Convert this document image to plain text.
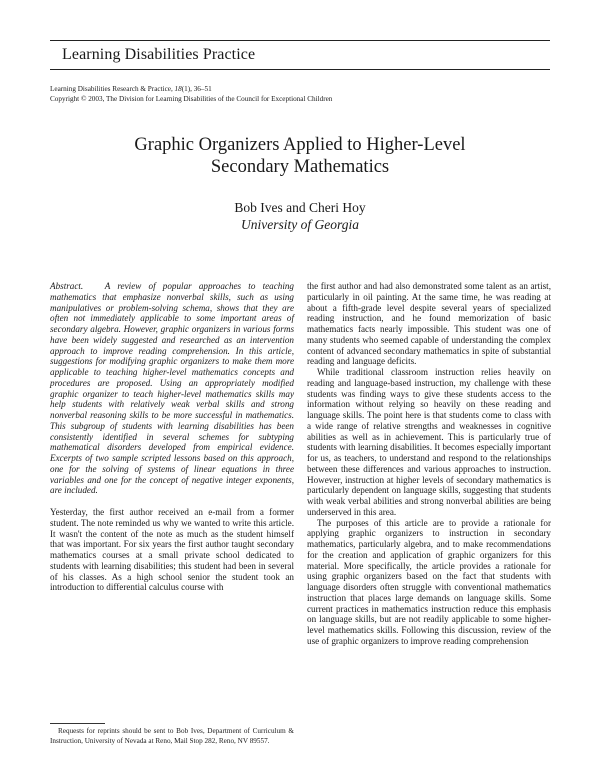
Learning Disabilities Practice
Learning Disabilities Research & Practice, 18(1), 36–51
Copyright © 2003, The Division for Learning Disabilities of the Council for Exceptional Children
Graphic Organizers Applied to Higher-Level
Secondary Mathematics
Bob Ives and Cheri Hoy
University of Georgia

Abstract. A review of popular approaches to teaching mathematics that emphasize nonverbal skills, such as using manipulatives or problem-solving schema, shows that they are often not immediately applicable to some important areas of secondary algebra. However, graphic organizers in various forms have been widely suggested and researched as an intervention approach to improve reading comprehension. In this article, suggestions for modifying graphic organizers to make them more applicable to teaching higher-level mathematics concepts and procedures are proposed. Using an appropriately modified graphic organizer to teach higher-level mathematics skills may help students with relatively weak verbal skills and strong nonverbal reasoning skills to be more successful in mathematics. This subgroup of students with learning disabilities has been consistently identified in several schemes for subtyping mathematical disorders developed from empirical evidence. Excerpts of two sample scripted lessons based on this approach, one for the solving of systems of linear equations in three variables and one for the concept of negative integer exponents, are included.

Yesterday, the first author received an e-mail from a former student. The note reminded us why we wanted to write this article. It wasn't the content of the note as much as the student himself that was important. For six years the first author taught secondary mathematics courses at a small private school dedicated to students with learning disabilities; this student had been in several of his classes. As a high school senior the student took an introduction to differential calculus course with

the first author and had also demonstrated some talent as an artist, particularly in oil painting. At the same time, he was reading at about a fifth-grade level despite several years of specialized reading instruction, and he found memorization of basic mathematics facts nearly impossible. This student was one of many students who seemed capable of understanding the complex content of advanced secondary mathematics in spite of substantial reading and language deficits.

While traditional classroom instruction relies heavily on reading and language-based instruction, my challenge with these students was finding ways to give these students access to the information without relying so heavily on these reading and language skills. The point here is that students come to class with a wide range of relative strengths and weaknesses in cognitive abilities as well as in achievement. This is particularly true of students with learning disabilities. It becomes especially important for us, as teachers, to understand and respond to the relationships between these differences and various approaches to instruction. However, instruction at higher levels of secondary mathematics is particularly dependent on language skills, suggesting that students with weak verbal abilities and strong nonverbal abilities are being underserved in this area.

The purposes of this article are to provide a rationale for applying graphic organizers to instruction in secondary mathematics, particularly algebra, and to make recommendations for the creation and application of graphic organizers for this material. More specifically, the article provides a rationale for using graphic organizers based on the fact that students with language disorders often struggle with conventional mathematics instruction that places large demands on language skills. Some current practices in mathematics instruction reduce this emphasis on language skills, but are not readily applicable to some higher-level mathematics skills. Following this discussion, review of the use of graphic organizers to improve reading comprehension

Requests for reprints should be sent to Bob Ives, Department of Curriculum & Instruction, University of Nevada at Reno, Mail Stop 282, Reno, NV 89557.
